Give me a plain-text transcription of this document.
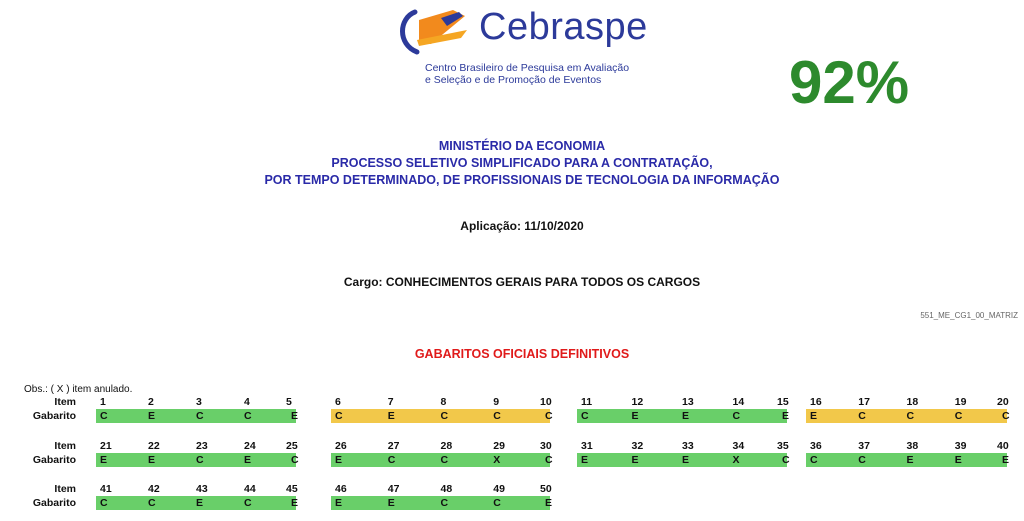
Cebraspe
Centro Brasileiro de Pesquisa em Avaliação
e Seleção e de Promoção de Eventos	92%
MINISTÉRIO DA ECONOMIA
PROCESSO SELETIVO SIMPLIFICADO PARA A CONTRATAÇÃO,
POR TEMPO DETERMINADO, DE PROFISSIONAIS DE TECNOLOGIA DA INFORMAÇÃO
Aplicação: 11/10/2020
Cargo: CONHECIMENTOS GERAIS PARA TODOS OS CARGOS
551_ME_CG1_00_MATRIZ
GABARITOS OFICIAIS DEFINITIVOS
Obs.: ( X ) item anulado.
Item
Gabarito
1
C
2
E
3
C
4
C
5
E
6
C
7
E
8
C
9
C
10
C
11
C
12
E
13
E
14
C
15
E
16
E
17
C
18
C
19
C
20
C
Item
Gabarito
21
E
22
E
23
C
24
E
25
C
26
E
27
C
28
C
29
X
30
C
31
E
32
E
33
E
34
X
35
C
36
C
37
C
38
E
39
E
40
E
Item
Gabarito
41
C
42
C
43
E
44
C
45
E
46
E
47
E
48
C
49
C
50
E
